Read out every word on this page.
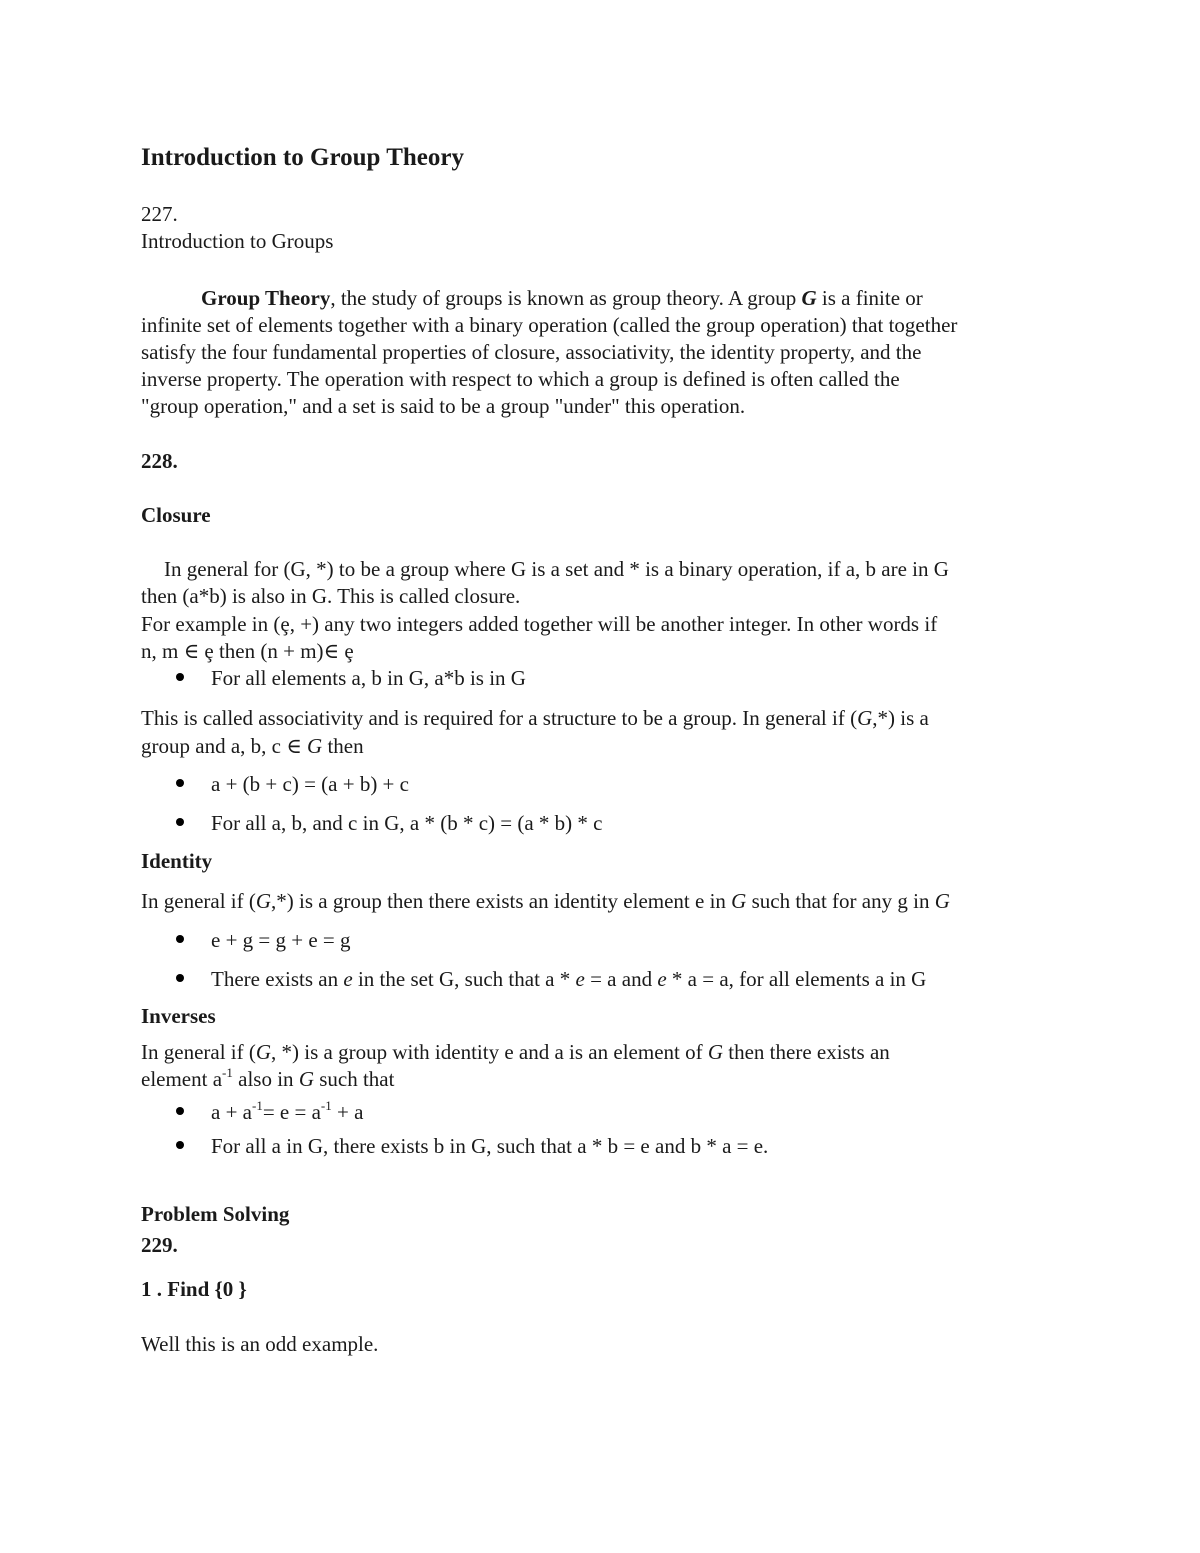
Introduction to Group Theory
227.
Introduction to Groups
Group Theory, the study of groups is known as group theory. A group G is a finite or
infinite set of elements together with a binary operation (called the group operation) that together
satisfy the four fundamental properties of closure, associativity, the identity property, and the
inverse property. The operation with respect to which a group is defined is often called the
"group operation," and a set is said to be a group "under" this operation.
228.
Closure
In general for (G, *) to be a group where G is a set and * is a binary operation, if a, b are in G
then (a*b) is also in G. This is called closure.
For example in (ȩ, +) any two integers added together will be another integer. In other words if
n, m ∈ ȩ then (n + m)∈ ȩ
For all elements a, b in G, a*b is in G
This is called associativity and is required for a structure to be a group. In general if (G,*) is a
group and a, b, c ∈ G then
a + (b + c) = (a + b) + c
For all a, b, and c in G, a * (b * c) = (a * b) * c
Identity
In general if (G,*) is a group then there exists an identity element e in G such that for any g in G
e + g = g + e = g
There exists an e in the set G, such that a * e = a and e * a = a, for all elements a in G
Inverses
In general if (G, *) is a group with identity e and a is an element of G then there exists an
element $a^{-1}$ also in G such that
$a + a^{-1}= e = a^{-1} + a$
For all a in G, there exists b in G, such that a * b = e and b * a = e.
Problem Solving
229.
1 . Find {0 }
Well this is an odd example.
